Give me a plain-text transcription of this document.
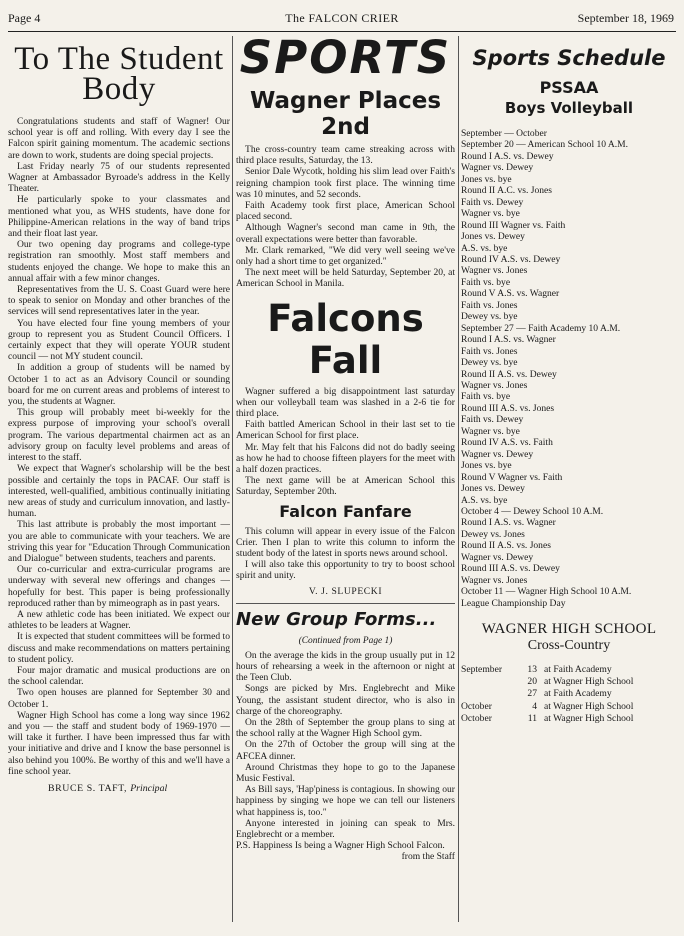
Page 4	The FALCON CRIER	September 18, 1969
To The Student Body

Congratulations students and staff of Wagner! Our school year is off and rolling. With every day I see the Falcon spirit gaining momentum. The academic sections are down to work, students are doing special projects.

Last Friday nearly 75 of our students represented Wagner at Ambassador Byroade's address in the Kelly Theater.

He particularly spoke to your classmates and mentioned what you, as WHS students, have done for Philippine-American relations in the way of band trips and their float last year.

Our two opening day programs and college-type registration ran smoothly. Most staff members and students enjoyed the change. We hope to make this an annual affair with a few minor changes.

Representatives from the U. S. Coast Guard were here to speak to senior on Monday and other branches of the services will send representatives later in the year.

You have elected four fine young members of your group to represent you as Student Council Officers. I certainly expect that they will operate YOUR student council — not MY student council.

In addition a group of students will be named by October 1 to act as an Advisory Council or sounding board for me on current areas and problems of interest to you, the students at Wagner.

This group will probably meet bi-weekly for the express purpose of improving your school's overall program. The various departmental chairmen act as an advisory group on faculty level problems and areas of interest to the staff.

We expect that Wagner's scholarship will be the best possible and certainly the tops in PACAF. Our staff is interested, well-qualified, ambitious continually initiating new areas of study and curriculum innovation, and lastly-human.

This last attribute is probably the most important — you are able to communicate with your teachers. We are striving this year for "Education Through Communication and Dialogue" between students, teachers and parents.

Our co-curricular and extra-curricular programs are underway with several new offerings and changes — hopefully for best. This paper is being professionally reproduced rather than by mimeograph as in past years.

A new athletic code has been initiated. We expect our athletes to be leaders at Wagner.

It is expected that student committees will be formed to discuss and make recommendations on matters pertaining to student policy.

Four major dramatic and musical productions are on the school calendar.

Two open houses are planned for September 30 and October 1.

Wagner High School has come a long way since 1962 and you — the staff and student body of 1969-1970 — will take it further. I have been impressed thus far with your initiative and drive and I know the base personnel is also behind you 100%. Be worthy of this and we'll have a fine school year.

BRUCE S. TAFT, Principal
SPORTS
Wagner Places 2nd

The cross-country team came streaking across with third place results, Saturday, the 13.

Senior Dale Wycotk, holding his slim lead over Faith's reigning champion took first place. The winning time was 10 minutes, and 52 seconds.

Faith Academy took first place, American School placed second.

Although Wagner's second man came in 9th, the overall expectations were better than favorable.

Mr. Clark remarked, "We did very well seeing we've only had a short time to get organized."

The next meet will be held Saturday, September 20, at American School in Manila.

Falcons Fall

Wagner suffered a big disappointment last saturday when our volleyball team was slashed in a 2-6 tie for third place.

Faith battled American School in their last set to tie American School for first place.

Mr. May felt that his Falcons did not do badly seeing as how he had to choose fifteen players for the meet with a half dozen practices.

The next game will be at American School this Saturday, September 20th.

Falcon Fanfare

This column will appear in every issue of the Falcon Crier. Then I plan to write this column to inform the student body of the latest in sports news around school.

I will also take this opportunity to try to boost school spirit and unity.

V. J. SLUPECKI
New Group Forms...
(Continued from Page 1)

On the average the kids in the group usually put in 12 hours of rehearsing a week in the afternoon or night at the Teen Club.

Songs are picked by Mrs. Englebrecht and Mike Young, the assistant student director, who is also in charge of the choreography.

On the 28th of September the group plans to sing at the school rally at the Wagner High School gym.

On the 27th of October the group will sing at the AFCEA dinner.

Around Christmas they hope to go to the Japanese Music Festival.

As Bill says, 'Hap'piness is contagious. In showing our happiness by singing we hope we can tell our listeners what happiness is, too."

Anyone interested in joining can speak to Mrs. Englebrecht or a member.

P.S. Happiness Is being a Wagner High School Falcon.
from the Staff

Sports Schedule
PSSAA
Boys Volleyball
September — October
September 20 — American School 10 A.M.
Round I A.S. vs. Dewey
Wagner vs. Dewey
Jones vs. bye
Round II A.C. vs. Jones
Faith vs. Dewey
Wagner vs. bye
Round III Wagner vs. Faith
Jones vs. Dewey
A.S. vs. bye
Round IV A.S. vs. Dewey
Wagner vs. Jones
Faith vs. bye
Round V A.S. vs. Wagner
Faith vs. Jones
Dewey vs. bye
September 27 — Faith Academy 10 A.M.
Round I A.S. vs. Wagner
Faith vs. Jones
Dewey vs. bye
Round II A.S. vs. Dewey
Wagner vs. Jones
Faith vs. bye
Round III A.S. vs. Jones
Faith vs. Dewey
Wagner vs. bye
Round IV A.S. vs. Faith
Wagner vs. Dewey
Jones vs. bye
Round V Wagner vs. Faith
Jones vs. Dewey
A.S. vs. bye
October 4 — Dewey School 10 A.M.
Round I A.S. vs. Wagner
Dewey vs. Jones
Round II A.S. vs. Jones
Wagner vs. Dewey
Round III A.S. vs. Dewey
Wagner vs. Jones
October 11 — Wagner High School 10 A.M.
League Championship Day
WAGNER HIGH SCHOOL
Cross-Country
September	13	at Faith Academy
	20	at Wagner High School
	27	at Faith Academy
October	4	at Wagner High School
October	11	at Wagner High School
